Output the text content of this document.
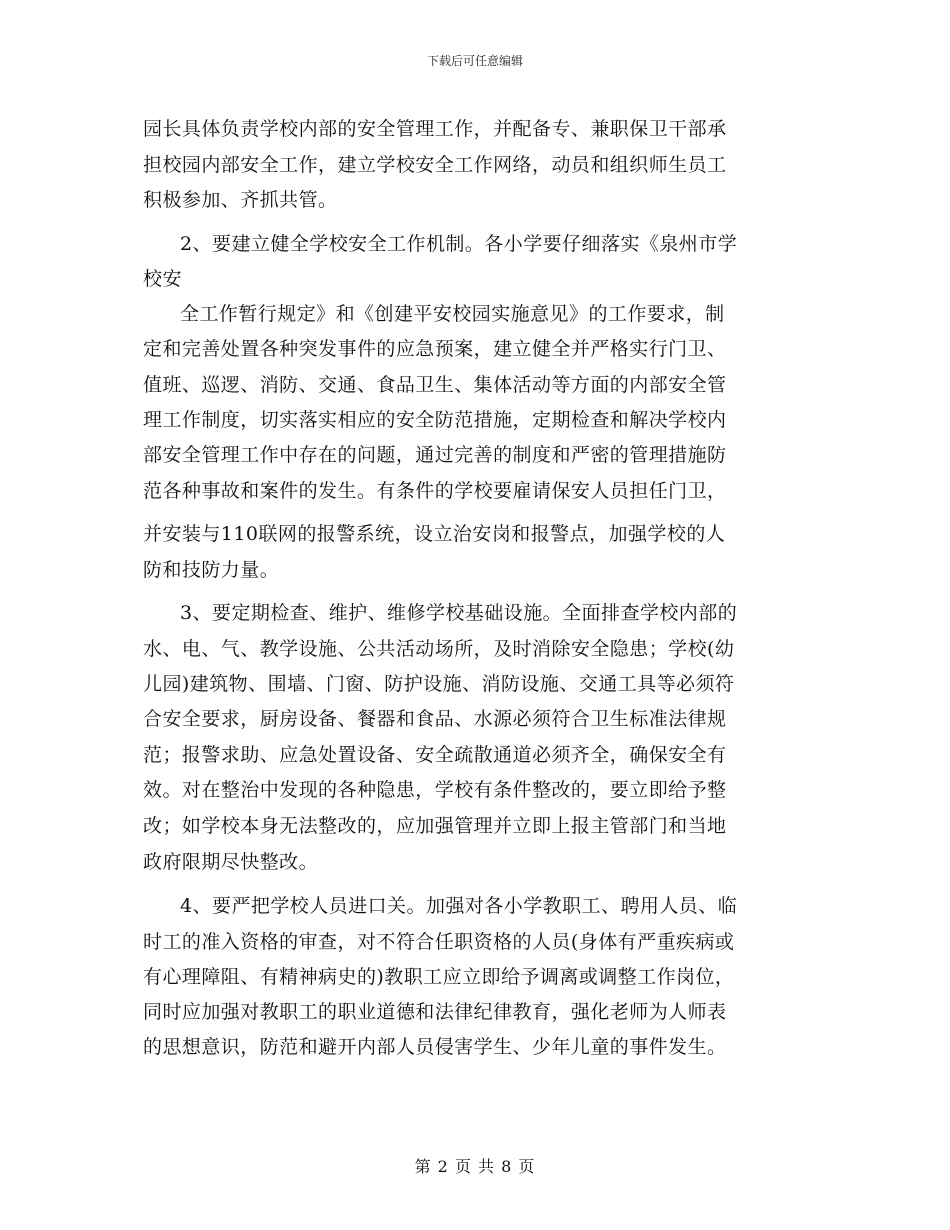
下载后可任意编辑
园长具体负责学校内部的安全管理工作，并配备专、兼职保卫干部承
担校园内部安全工作，建立学校安全工作网络，动员和组织师生员工
积极参加、齐抓共管。
2、要建立健全学校安全工作机制。各小学要仔细落实《泉州市学
校安
全工作暂行规定》和《创建平安校园实施意见》的工作要求，制
定和完善处置各种突发事件的应急预案，建立健全并严格实行门卫、
值班、巡逻、消防、交通、食品卫生、集体活动等方面的内部安全管
理工作制度，切实落实相应的安全防范措施，定期检查和解决学校内
部安全管理工作中存在的问题，通过完善的制度和严密的管理措施防
范各种事故和案件的发生。有条件的学校要雇请保安人员担任门卫，
并安装与110联网的报警系统，设立治安岗和报警点，加强学校的人
防和技防力量。
3、要定期检查、维护、维修学校基础设施。全面排查学校内部的
水、电、气、教学设施、公共活动场所，及时消除安全隐患；学校(幼
儿园)建筑物、围墙、门窗、防护设施、消防设施、交通工具等必须符
合安全要求，厨房设备、餐器和食品、水源必须符合卫生标准法律规
范；报警求助、应急处置设备、安全疏散通道必须齐全，确保安全有
效。对在整治中发现的各种隐患，学校有条件整改的，要立即给予整
改；如学校本身无法整改的，应加强管理并立即上报主管部门和当地
政府限期尽快整改。
4、要严把学校人员进口关。加强对各小学教职工、聘用人员、临
时工的准入资格的审查，对不符合任职资格的人员(身体有严重疾病或
有心理障阻、有精神病史的)教职工应立即给予调离或调整工作岗位，
同时应加强对教职工的职业道德和法律纪律教育，强化老师为人师表
的思想意识，防范和避开内部人员侵害学生、少年儿童的事件发生。
第 2 页 共 8 页
